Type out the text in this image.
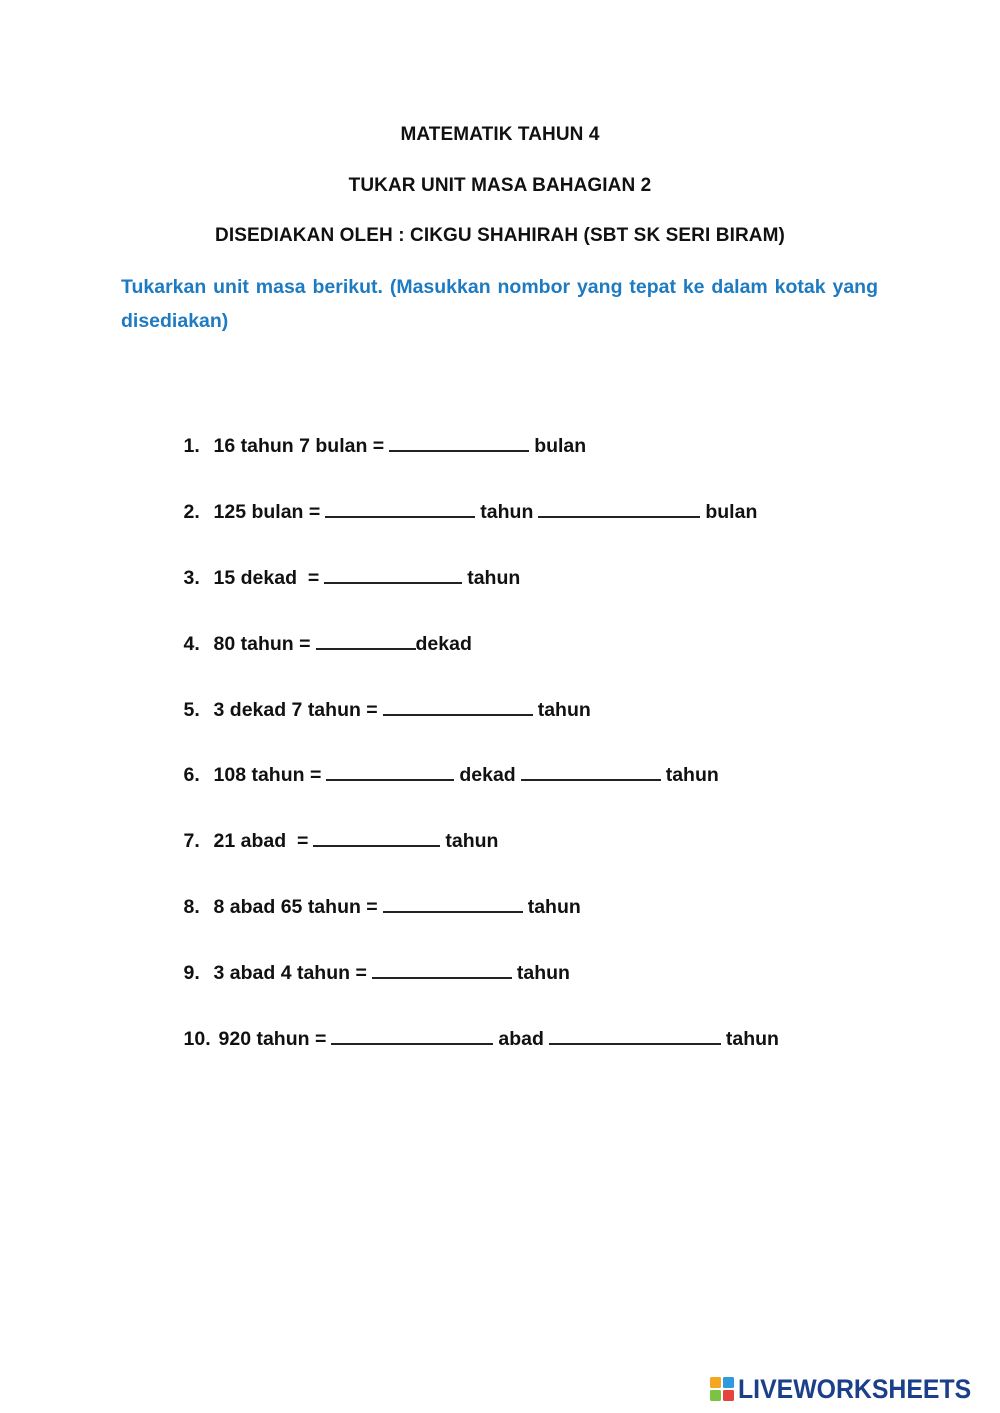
MATEMATIK TAHUN 4
TUKAR UNIT MASA BAHAGIAN 2
DISEDIAKAN OLEH : CIKGU SHAHIRAH (SBT SK SERI BIRAM)
Tukarkan unit masa berikut. (Masukkan nombor yang tepat ke dalam kotak yang disediakan)

1. 16 tahun 7 bulan =	bulan

2. 125 bulan =	tahun	bulan

3. 15 dekad  =	tahun

4. 80 tahun =	dekad

5. 3 dekad 7 tahun =	tahun

6. 108 tahun =	dekad	tahun

7. 21 abad  =	tahun

8. 8 abad 65 tahun =	tahun

9. 3 abad 4 tahun =	tahun

10. 920 tahun =	abad	tahun

LIVEWORKSHEETS
